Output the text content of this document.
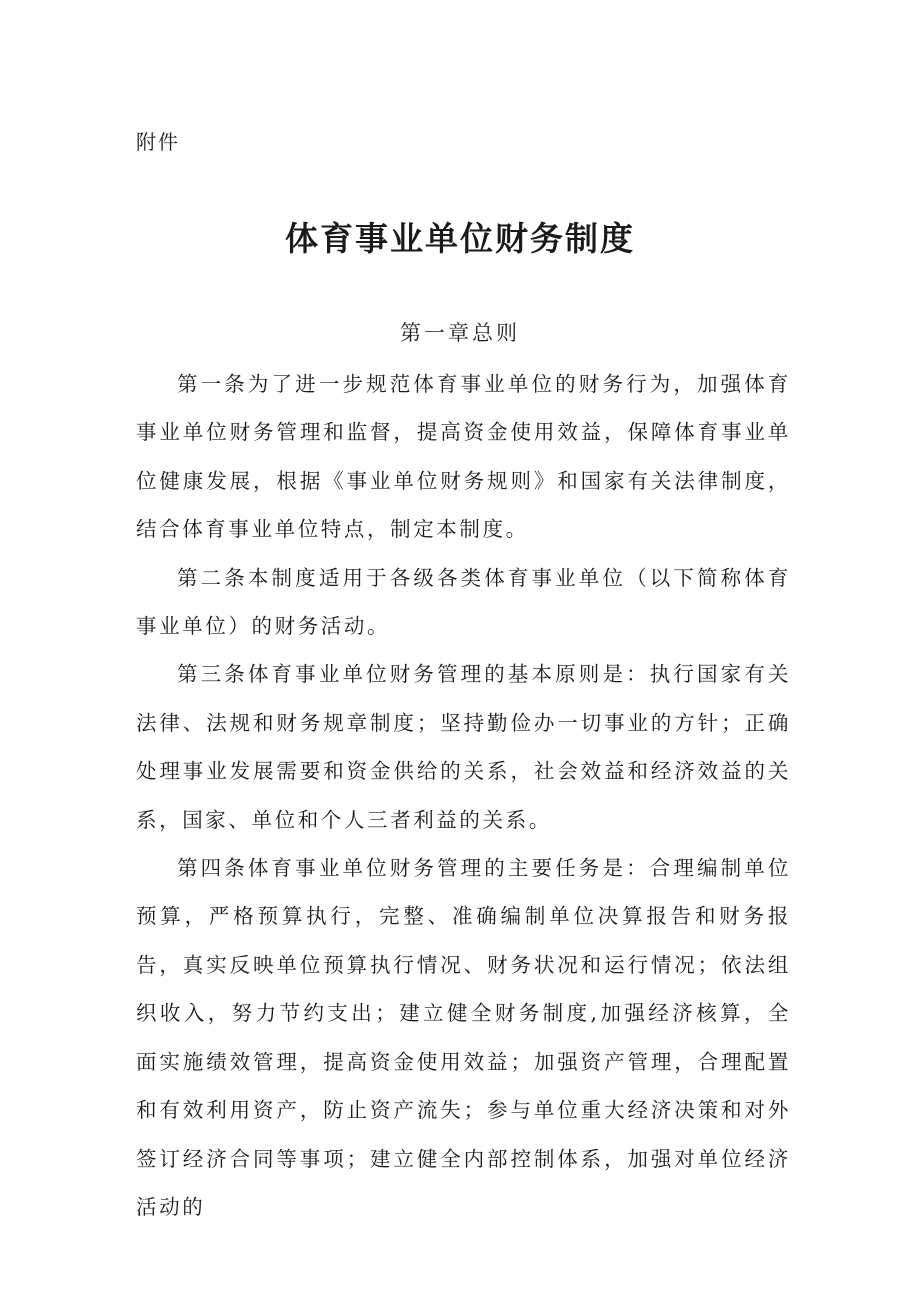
附件
体育事业单位财务制度
第一章总则

第一条为了进一步规范体育事业单位的财务行为，加强体育事业单位财务管理和监督，提高资金使用效益，保障体育事业单位健康发展，根据《事业单位财务规则》和国家有关法律制度，结合体育事业单位特点，制定本制度。

第二条本制度适用于各级各类体育事业单位（以下简称体育事业单位）的财务活动。

第三条体育事业单位财务管理的基本原则是：执行国家有关法律、法规和财务规章制度；坚持勤俭办一切事业的方针；正确处理事业发展需要和资金供给的关系，社会效益和经济效益的关系，国家、单位和个人三者利益的关系。

第四条体育事业单位财务管理的主要任务是：合理编制单位预算，严格预算执行，完整、准确编制单位决算报告和财务报告，真实反映单位预算执行情况、财务状况和运行情况；依法组织收入，努力节约支出；建立健全财务制度,加强经济核算，全面实施绩效管理，提高资金使用效益；加强资产管理，合理配置和有效利用资产，防止资产流失；参与单位重大经济决策和对外签订经济合同等事项；建立健全内部控制体系，加强对单位经济活动的
